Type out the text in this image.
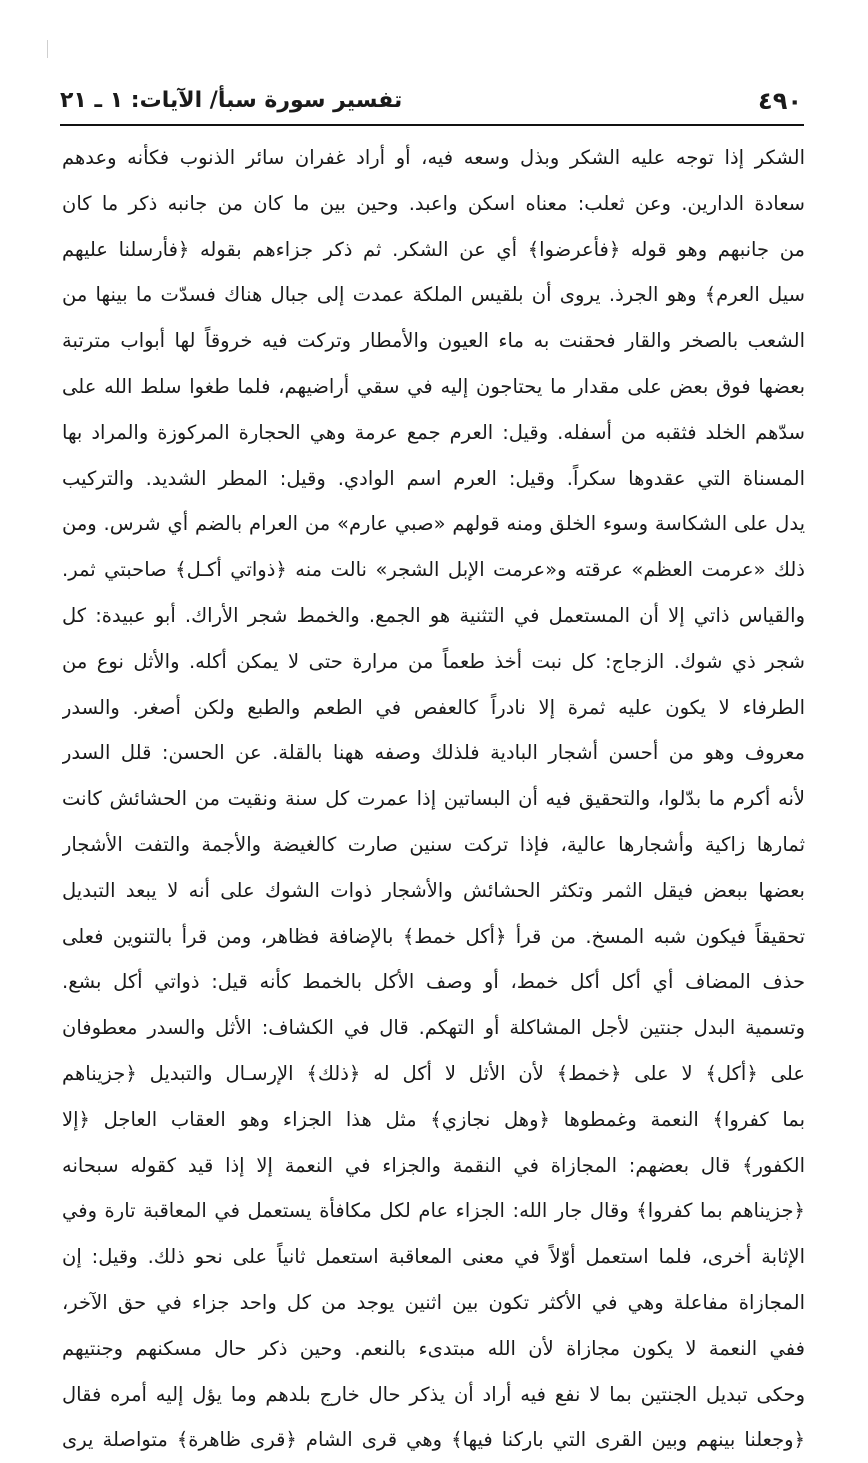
٤٩٠
تفسير سورة سبأ/ الآيات: ١ ـ ٢١
الشكر إذا توجه عليه الشكر وبذل وسعه فيه، أو أراد غفران سائر الذنوب فكأنه وعدهم
سعادة الدارين. وعن ثعلب: معناه اسكن واعبد. وحين بين ما كان من جانبه ذكر ما كان
من جانبهم وهو قوله ﴿فأعرضوا﴾ أي عن الشكر. ثم ذكر جزاءهم بقوله ﴿فأرسلنا عليهم
سيل العرم﴾ وهو الجرذ. يروى أن بلقيس الملكة عمدت إلى جبال هناك فسدّت ما بينها من
الشعب بالصخر والقار فحقنت به ماء العيون والأمطار وتركت فيه خروقاً لها أبواب مترتبة
بعضها فوق بعض على مقدار ما يحتاجون إليه في سقي أراضيهم، فلما طغوا سلط الله على
سدّهم الخلد فثقبه من أسفله. وقيل: العرم جمع عرمة وهي الحجارة المركوزة والمراد بها
المسناة التي عقدوها سكراً. وقيل: العرم اسم الوادي. وقيل: المطر الشديد. والتركيب
يدل على الشكاسة وسوء الخلق ومنه قولهم «صبي عارم» من العرام بالضم أي شرس. ومن
ذلك «عرمت العظم» عرقته و«عرمت الإبل الشجر» نالت منه ﴿ذواتي أكـل﴾ صاحبتي ثمر.
والقياس ذاتي إلا أن المستعمل في التثنية هو الجمع. والخمط شجر الأراك. أبو عبيدة: كل
شجر ذي شوك. الزجاج: كل نبت أخذ طعماً من مرارة حتى لا يمكن أكله. والأثل نوع من
الطرفاء لا يكون عليه ثمرة إلا نادراً كالعفص في الطعم والطبع ولكن أصغر. والسدر
معروف وهو من أحسن أشجار البادية فلذلك وصفه ههنا بالقلة. عن الحسن: قلل السدر
لأنه أكرم ما بدّلوا، والتحقيق فيه أن البساتين إذا عمرت كل سنة ونقيت من الحشائش كانت
ثمارها زاكية وأشجارها عالية، فإذا تركت سنين صارت كالغيضة والأجمة والتفت الأشجار
بعضها ببعض فيقل الثمر وتكثر الحشائش والأشجار ذوات الشوك على أنه لا يبعد التبديل
تحقيقاً فيكون شبه المسخ. من قرأ ﴿أكل خمط﴾ بالإضافة فظاهر، ومن قرأ بالتنوين فعلى
حذف المضاف أي أكل أكل خمط، أو وصف الأكل بالخمط كأنه قيل: ذواتي أكل بشع.
وتسمية البدل جنتين لأجل المشاكلة أو التهكم. قال في الكشاف: الأثل والسدر معطوفان
على ﴿أكل﴾ لا على ﴿خمط﴾ لأن الأثل لا أكل له ﴿ذلك﴾ الإرسـال والتبديل ﴿جزيناهم
بما كفروا﴾ النعمة وغمطوها ﴿وهل نجازي﴾ مثل هذا الجزاء وهو العقاب العاجل ﴿إلا
الكفور﴾ قال بعضهم: المجازاة في النقمة والجزاء في النعمة إلا إذا قيد كقوله سبحانه
﴿جزيناهم بما كفروا﴾ وقال جار الله: الجزاء عام لكل مكافأة يستعمل في المعاقبة تارة وفي
الإثابة أخرى، فلما استعمل أوّلاً في معنى المعاقبة استعمل ثانياً على نحو ذلك. وقيل: إن
المجازاة مفاعلة وهي في الأكثر تكون بين اثنين يوجد من كل واحد جزاء في حق الآخر،
ففي النعمة لا يكون مجازاة لأن الله مبتدىء بالنعم. وحين ذكر حال مسكنهم وجنتيهم
وحكى تبديل الجنتين بما لا نفع فيه أراد أن يذكر حال خارج بلدهم وما يؤل إليه أمره فقال
﴿وجعلنا بينهم وبين القرى التي باركنا فيها﴾ وهي قرى الشام ﴿قرى ظاهرة﴾ متواصلة يرى
